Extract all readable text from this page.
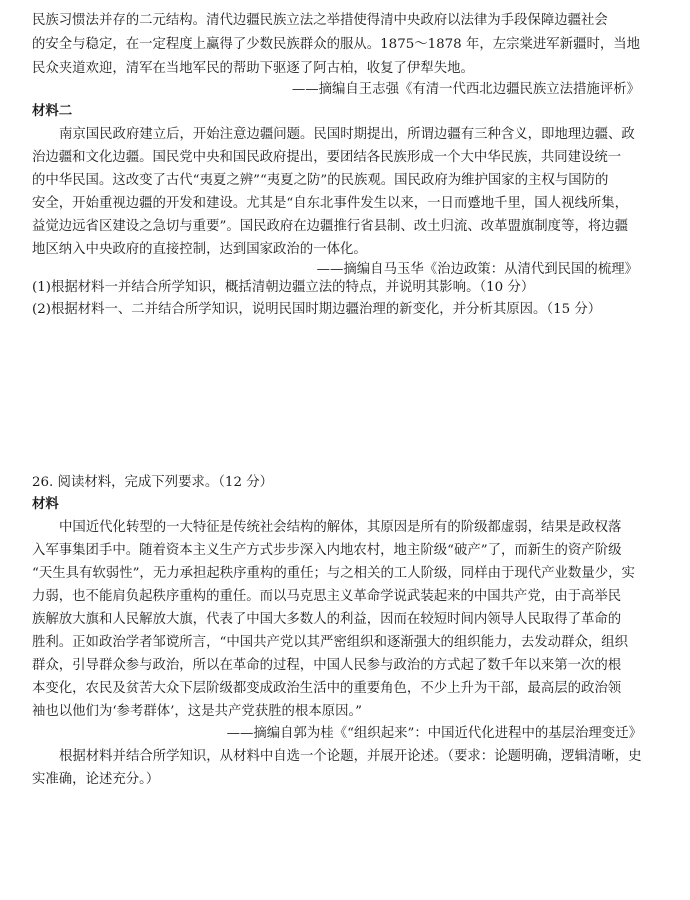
民族习惯法并存的二元结构。清代边疆民族立法之举措使得清中央政府以法律为手段保障边疆社会
的安全与稳定，在一定程度上赢得了少数民族群众的服从。1875～1878 年，左宗棠进军新疆时，当地
民众夹道欢迎，清军在当地军民的帮助下驱逐了阿古柏，收复了伊犁失地。
——摘编自王志强《有清一代西北边疆民族立法措施评析》
材料二
南京国民政府建立后，开始注意边疆问题。民国时期提出，所谓边疆有三种含义，即地理边疆、政
治边疆和文化边疆。国民党中央和国民政府提出，要团结各民族形成一个大中华民族，共同建设统一
的中华民国。这改变了古代“夷夏之辨”“夷夏之防”的民族观。国民政府为维护国家的主权与国防的
安全，开始重视边疆的开发和建设。尤其是“自东北事件发生以来，一日而蹙地千里，国人视线所集，
益觉边远省区建设之急切与重要”。国民政府在边疆推行省县制、改土归流、改革盟旗制度等，将边疆
地区纳入中央政府的直接控制，达到国家政治的一体化。
——摘编自马玉华《治边政策：从清代到民国的梳理》
(1)根据材料一并结合所学知识，概括清朝边疆立法的特点，并说明其影响。（10 分）
(2)根据材料一、二并结合所学知识，说明民国时期边疆治理的新变化，并分析其原因。（15 分）
26. 阅读材料，完成下列要求。（12 分）
材料
中国近代化转型的一大特征是传统社会结构的解体，其原因是所有的阶级都虚弱，结果是政权落
入军事集团手中。随着资本主义生产方式步步深入内地农村，地主阶级“破产”了，而新生的资产阶级
“天生具有软弱性”，无力承担起秩序重构的重任；与之相关的工人阶级，同样由于现代产业数量少，实
力弱，也不能肩负起秩序重构的重任。而以马克思主义革命学说武装起来的中国共产党，由于高举民
族解放大旗和人民解放大旗，代表了中国大多数人的利益，因而在较短时间内领导人民取得了革命的
胜利。正如政治学者邹谠所言，“中国共产党以其严密组织和逐渐强大的组织能力，去发动群众，组织
群众，引导群众参与政治，所以在革命的过程，中国人民参与政治的方式起了数千年以来第一次的根
本变化，农民及贫苦大众下层阶级都变成政治生活中的重要角色，不少上升为干部，最高层的政治领
袖也以他们为‘参考群体’，这是共产党获胜的根本原因。”
——摘编自郭为桂《“组织起来”：中国近代化进程中的基层治理变迁》
根据材料并结合所学知识，从材料中自选一个论题，并展开论述。（要求：论题明确，逻辑清晰，史
实准确，论述充分。）
